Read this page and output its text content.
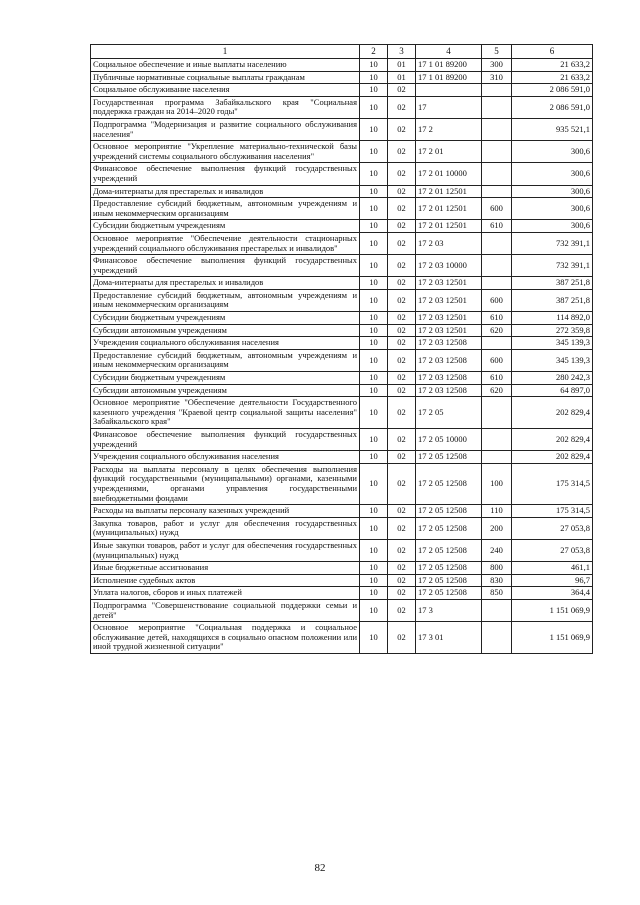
1	2	3	4	5	6
Социальное обеспечение и иные выплаты населению	10	01	17 1 01 89200	300	21 633,2
Публичные нормативные социальные выплаты гражданам	10	01	17 1 01 89200	310	21 633,2
Социальное обслуживание населения	10	02			2 086 591,0
Государственная программа Забайкальского края "Социальная поддержка граждан на 2014–2020 годы"	10	02	17		2 086 591,0
Подпрограмма "Модернизация и развитие социального обслуживания населения"	10	02	17 2		935 521,1
Основное мероприятие "Укрепление материально-технической базы учреждений системы социального обслуживания населения"	10	02	17 2 01		300,6
Финансовое обеспечение выполнения функций государственных учреждений	10	02	17 2 01 10000		300,6
Дома-интернаты для престарелых и инвалидов	10	02	17 2 01 12501		300,6
Предоставление субсидий бюджетным, автономным учреждениям и иным некоммерческим организациям	10	02	17 2 01 12501	600	300,6
Субсидии бюджетным учреждениям	10	02	17 2 01 12501	610	300,6
Основное мероприятие "Обеспечение деятельности стационарных учреждений социального обслуживания престарелых и инвалидов"	10	02	17 2 03		732 391,1
Финансовое обеспечение выполнения функций государственных учреждений	10	02	17 2 03 10000		732 391,1
Дома-интернаты для престарелых и инвалидов	10	02	17 2 03 12501		387 251,8
Предоставление субсидий бюджетным, автономным учреждениям и иным некоммерческим организациям	10	02	17 2 03 12501	600	387 251,8
Субсидии бюджетным учреждениям	10	02	17 2 03 12501	610	114 892,0
Субсидии автономным учреждениям	10	02	17 2 03 12501	620	272 359,8
Учреждения социального обслуживания населения	10	02	17 2 03 12508		345 139,3
Предоставление субсидий бюджетным, автономным учреждениям и иным некоммерческим организациям	10	02	17 2 03 12508	600	345 139,3
Субсидии бюджетным учреждениям	10	02	17 2 03 12508	610	280 242,3
Субсидии автономным учреждениям	10	02	17 2 03 12508	620	64 897,0
Основное мероприятие "Обеспечение деятельности Государственного казенного учреждения "Краевой центр социальной защиты населения" Забайкальского края"	10	02	17 2 05		202 829,4
Финансовое обеспечение выполнения функций государственных учреждений	10	02	17 2 05 10000		202 829,4
Учреждения социального обслуживания населения	10	02	17 2 05 12508		202 829,4
Расходы на выплаты персоналу в целях обеспечения выполнения функций государственными (муниципальными) органами, казенными учреждениями, органами управления государственными внебюджетными фондами	10	02	17 2 05 12508	100	175 314,5
Расходы на выплаты персоналу казенных учреждений	10	02	17 2 05 12508	110	175 314,5
Закупка товаров, работ и услуг для обеспечения государственных (муниципальных) нужд	10	02	17 2 05 12508	200	27 053,8
Иные закупки товаров, работ и услуг для обеспечения государственных (муниципальных) нужд	10	02	17 2 05 12508	240	27 053,8
Иные бюджетные ассигнования	10	02	17 2 05 12508	800	461,1
Исполнение судебных актов	10	02	17 2 05 12508	830	96,7
Уплата налогов, сборов и иных платежей	10	02	17 2 05 12508	850	364,4
Подпрограмма "Совершенствование социальной поддержки семьи и детей"	10	02	17 3		1 151 069,9
Основное мероприятие "Социальная поддержка и социальное обслуживание детей, находящихся в социально опасном положении или иной трудной жизненной ситуации"	10	02	17 3 01		1 151 069,9
82
